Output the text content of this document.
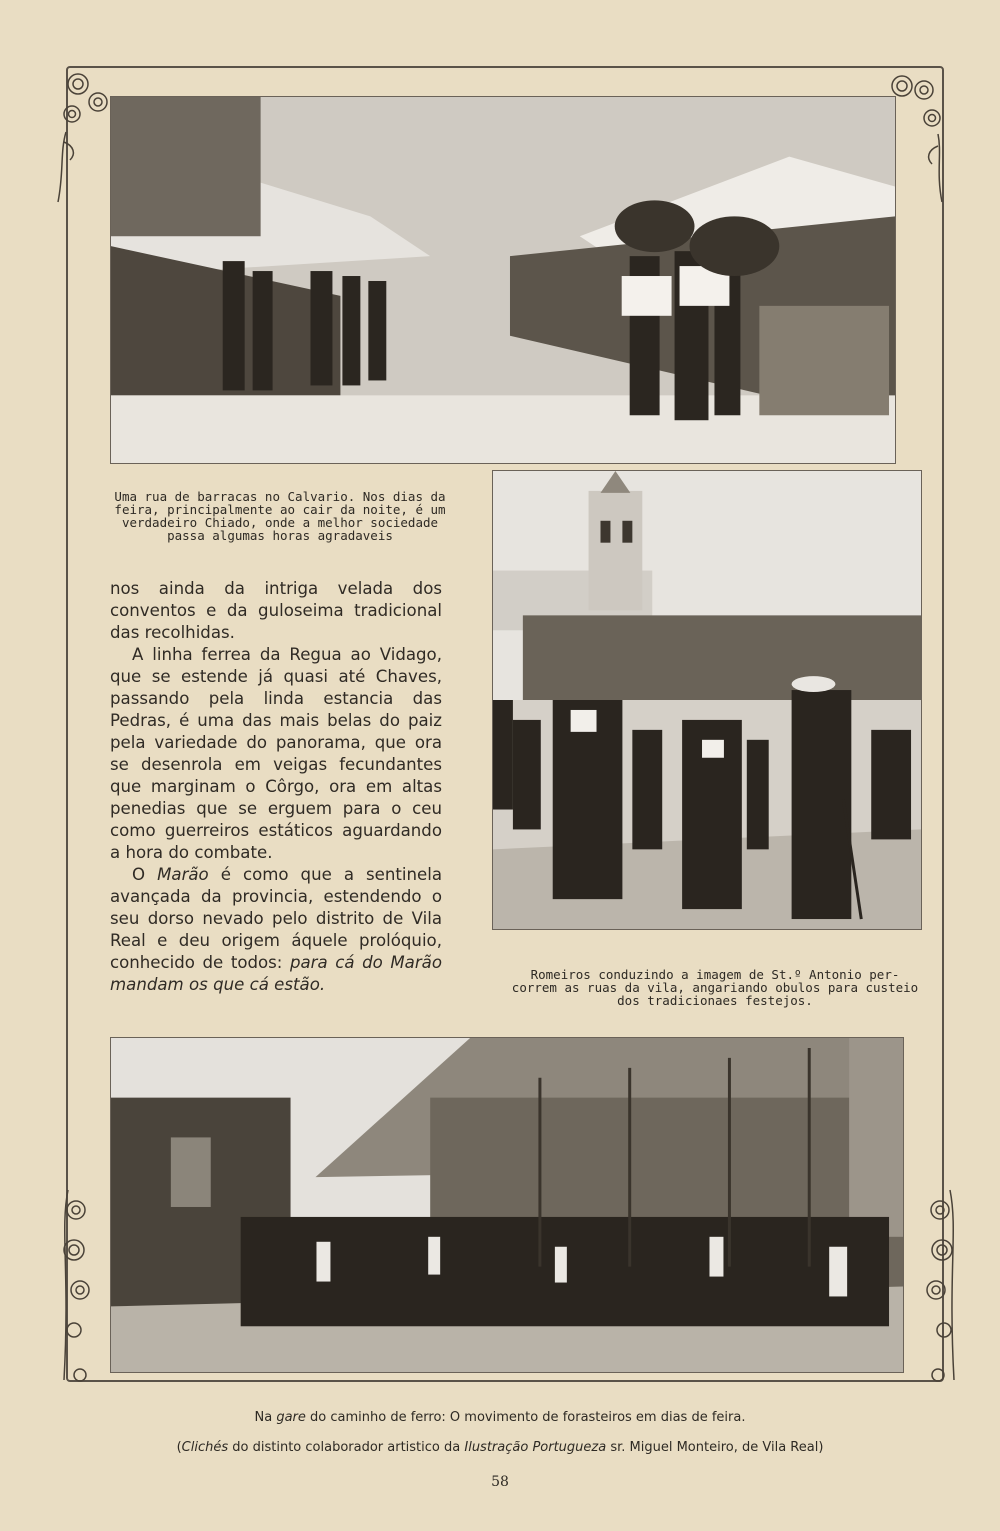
Uma rua de barracas no Calvario. Nos dias da
feira, principalmente ao cair da noite, é um
verdadeiro Chiado, onde a melhor sociedade
passa algumas horas agradaveis
Romeiros conduzindo a imagem de St.º Antonio per-
correm as ruas da vila, angariando obulos para custeio
dos tradicionaes festejos.

nos ainda da intriga velada dos conventos e da guloseima tradicional das recolhidas.

A linha ferrea da Regua ao Vidago, que se estende já quasi até Chaves, passando pela linda estancia das Pedras, é uma das mais belas do paiz pela variedade do panorama, que ora se desenrola em veigas fecundantes que marginam o Côrgo, ora em altas penedias que se erguem para o ceu como guerreiros estáticos aguardando a hora do combate.

O Marão é como que a sentinela avançada da provincia, estendendo o seu dorso nevado pelo distrito de Vila Real e deu origem áquele prolóquio, conhecido de todos: para cá do Marão mandam os que cá estão.

Na gare do caminho de ferro: O movimento de forasteiros em dias de feira.
(Clichés do distinto colaborador artistico da Ilustração Portugueza sr. Miguel Monteiro, de Vila Real)
58
